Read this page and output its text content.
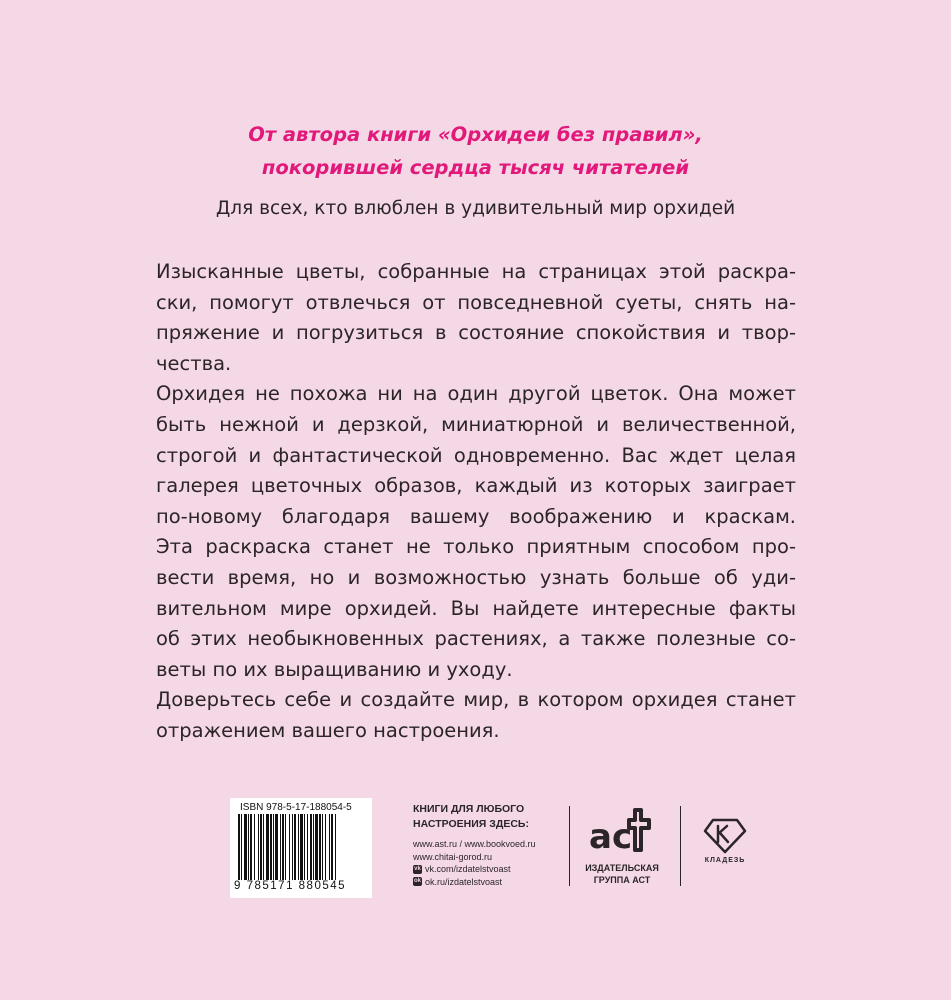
От автора книги «Орхидеи без правил»,
покорившей сердца тысяч читателей
Для всех, кто влюблен в удивительный мир орхидей
Изысканные цветы, собранные на страницах этой раскра-
ски, помогут отвлечься от повседневной суеты, снять на-
пряжение и погрузиться в состояние спокойствия и твор-
чества.
Орхидея не похожа ни на один другой цветок. Она может
быть нежной и дерзкой, миниатюрной и величественной,
строгой и фантастической одновременно. Вас ждет целая
галерея цветочных образов, каждый из которых заиграет
по-новому благодаря вашему воображению и краскам.
Эта раскраска станет не только приятным способом про-
вести время, но и возможностью узнать больше об уди-
вительном мире орхидей. Вы найдете интересные факты
об этих необыкновенных растениях, а также полезные со-
веты по их выращиванию и уходу.
Доверьтесь себе и создайте мир, в котором орхидея станет
отражением вашего настроения.
ISBN 978-5-17-188054-5
9 785171 880545
КНИГИ ДЛЯ ЛЮБОГО
НАСТРОЕНИЯ ЗДЕСЬ:
www.ast.ru / www.bookvoed.ru
www.chitai-gorod.ru
vk vk.com/izdatelstvoast
ok ok.ru/izdatelstvoast
ac
ИЗДАТЕЛЬСКАЯ
ГРУППА АСТ
КЛАДЕЗЬ
